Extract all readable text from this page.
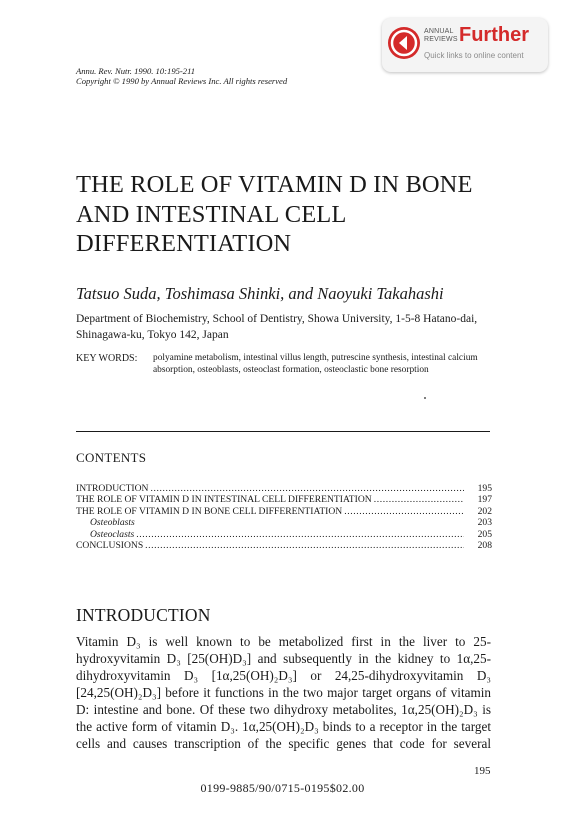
Annu. Rev. Nutr. 1990. 10:195-211
Copyright © 1990 by Annual Reviews Inc. All rights reserved
ANNUAL
REVIEWS Further
Quick links to online content
THE ROLE OF VITAMIN D IN BONE AND INTESTINAL CELL DIFFERENTIATION
Tatsuo Suda, Toshimasa Shinki, and Naoyuki Takahashi
Department of Biochemistry, School of Dentistry, Showa University, 1-5-8 Hatano-dai, Shinagawa-ku, Tokyo 142, Japan
KEY WORDS: polyamine metabolism, intestinal villus length, putrescine synthesis, intestinal calcium absorption, osteoblasts, osteoclast formation, osteoclastic bone resorption
CONTENTS
INTRODUCTION .....	195
THE ROLE OF VITAMIN D IN INTESTINAL CELL DIFFERENTIATION .....	197
THE ROLE OF VITAMIN D IN BONE CELL DIFFERENTIATION .....	202
Osteoblasts	203
Osteoclasts .....	205
CONCLUSIONS .....	208
INTRODUCTION
Vitamin D₃ is well known to be metabolized first in the liver to 25-
hydroxyvitamin D₃ [25(OH)D₃] and subsequently in the kidney to 1α,25-
dihydroxyvitamin D₃ [1α,25(OH)₂D₃] or 24,25-dihydroxyvitamin D₃
[24,25(OH)₂D₃] before it functions in the two major target organs of vitamin
D: intestine and bone. Of these two dihydroxy metabolites, 1α,25(OH)₂D₃ is
the active form of vitamin D₃. 1α,25(OH)₂D₃ binds to a receptor in the target
cells and causes transcription of the specific genes that code for several
195
0199-9885/90/0715-0195$02.00
